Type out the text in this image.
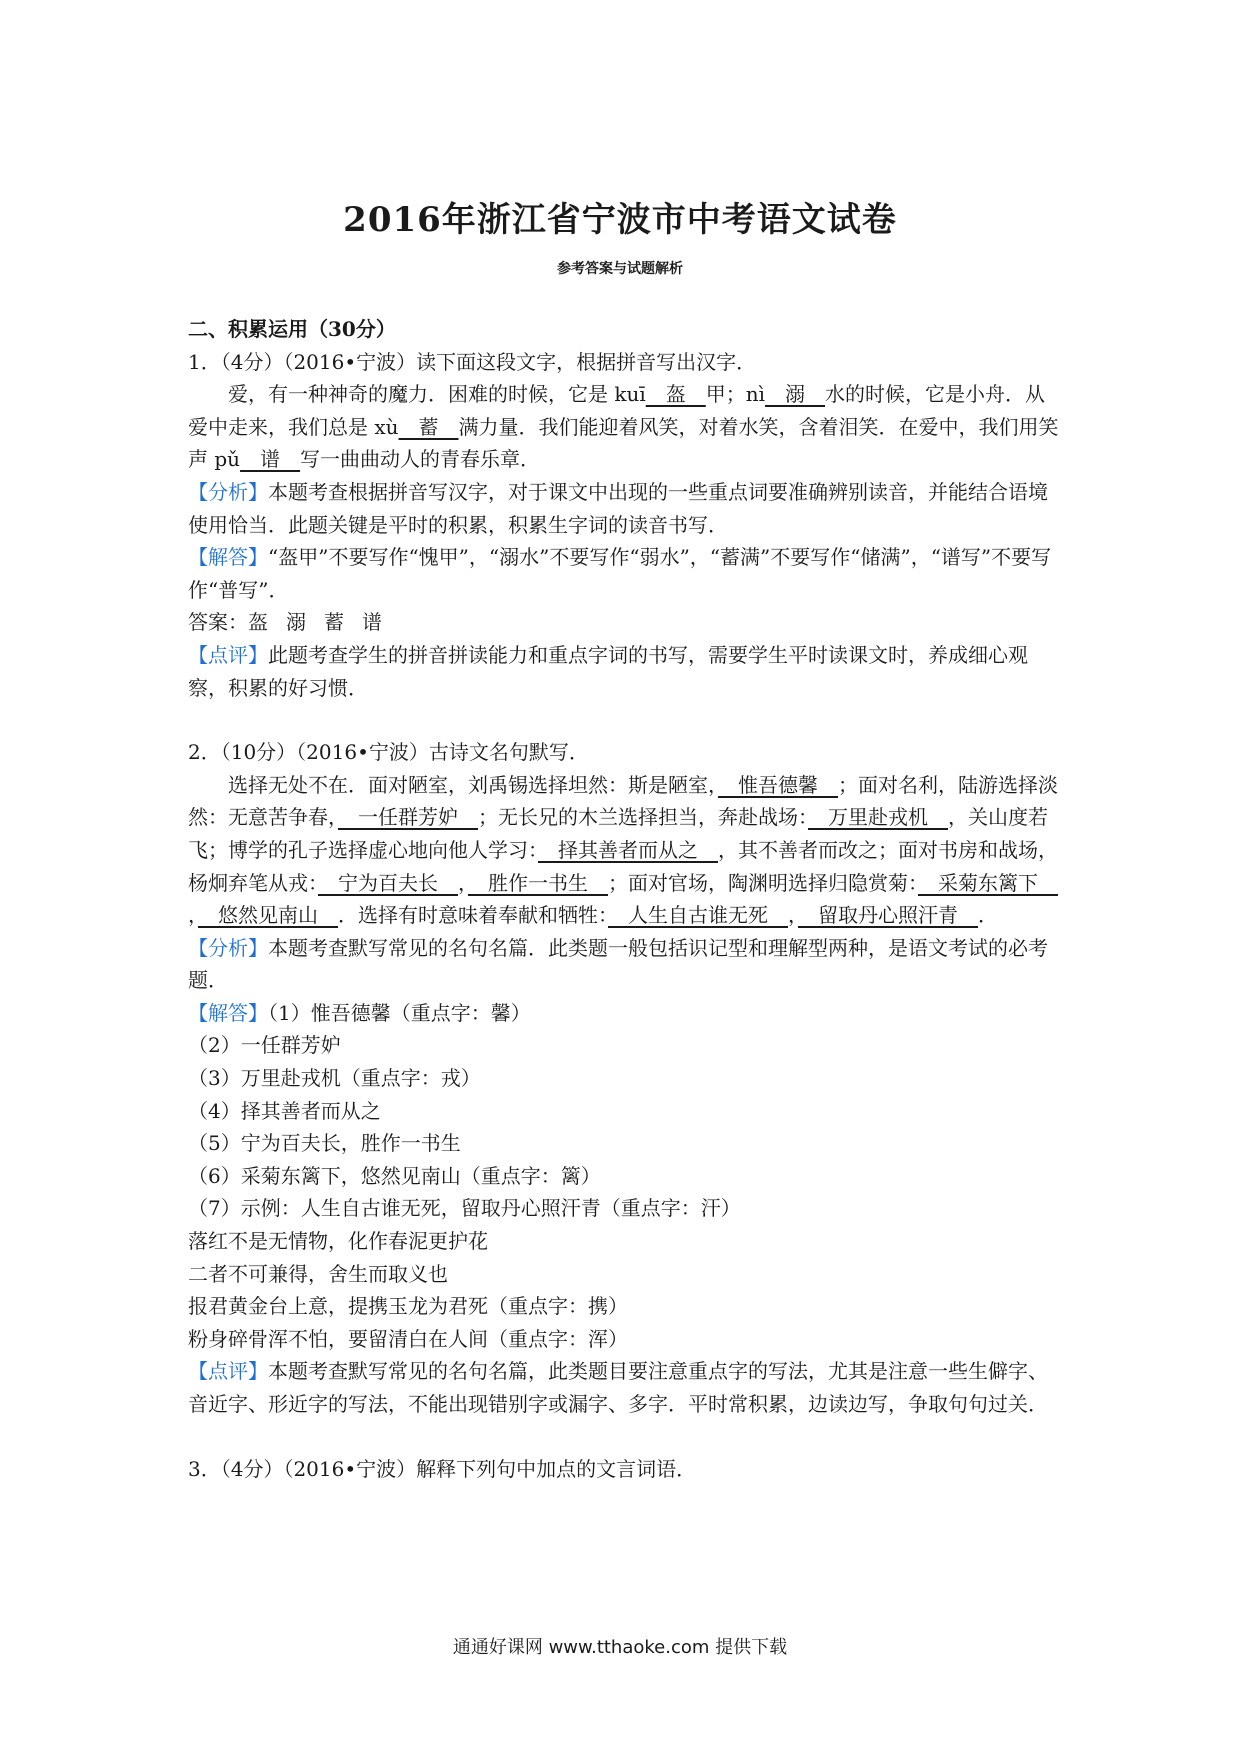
2016年浙江省宁波市中考语文试卷
参考答案与试题解析

二、积累运用（30分）

1．（4分）（2016•宁波）读下面这段文字，根据拼音写出汉字．

爱，有一种神奇的魔力．困难的时候，它是 kuī　盔　甲；nì　溺　水的时候，它是小舟．从爱中走来，我们总是 xù　蓄　满力量．我们能迎着风笑，对着水笑，含着泪笑．在爱中，我们用笑声 pǔ　谱　写一曲曲动人的青春乐章．

【分析】本题考查根据拼音写汉字，对于课文中出现的一些重点词要准确辨别读音，并能结合语境使用恰当．此题关键是平时的积累，积累生字词的读音书写．

【解答】“盔甲”不要写作“愧甲”，“溺水”不要写作“弱水”，“蓄满”不要写作“储满”，“谱写”不要写作“普写”．

答案：盔 溺 蓄 谱

【点评】此题考查学生的拼音拼读能力和重点字词的书写，需要学生平时读课文时，养成细心观察，积累的好习惯．

2．（10分）（2016•宁波）古诗文名句默写．

选择无处不在．面对陋室，刘禹锡选择坦然：斯是陋室，　惟吾德馨　；面对名利，陆游选择淡然：无意苦争春，　一任群芳妒　；无长兄的木兰选择担当，奔赴战场：　万里赴戎机　，关山度若飞；博学的孔子选择虚心地向他人学习：　择其善者而从之　，其不善者而改之；面对书房和战场，杨炯弃笔从戎：　宁为百夫长　，　胜作一书生　；面对官场，陶渊明选择归隐赏菊：　采菊东篱下　，　悠然见南山　．选择有时意味着奉献和牺牲：　人生自古谁无死　，　留取丹心照汗青　．

【分析】本题考查默写常见的名句名篇．此类题一般包括识记型和理解型两种，是语文考试的必考题．

【解答】（1）惟吾德馨（重点字：馨）

（2）一任群芳妒

（3）万里赴戎机（重点字：戎）

（4）择其善者而从之

（5）宁为百夫长，胜作一书生

（6）采菊东篱下，悠然见南山（重点字：篱）

（7）示例：人生自古谁无死，留取丹心照汗青（重点字：汗）

落红不是无情物，化作春泥更护花

二者不可兼得，舍生而取义也

报君黄金台上意，提携玉龙为君死（重点字：携）

粉身碎骨浑不怕，要留清白在人间（重点字：浑）

【点评】本题考查默写常见的名句名篇，此类题目要注意重点字的写法，尤其是注意一些生僻字、音近字、形近字的写法，不能出现错别字或漏字、多字．平时常积累，边读边写，争取句句过关．

3．（4分）（2016•宁波）解释下列句中加点的文言词语．

通通好课网 www.tthaoke.com 提供下载
